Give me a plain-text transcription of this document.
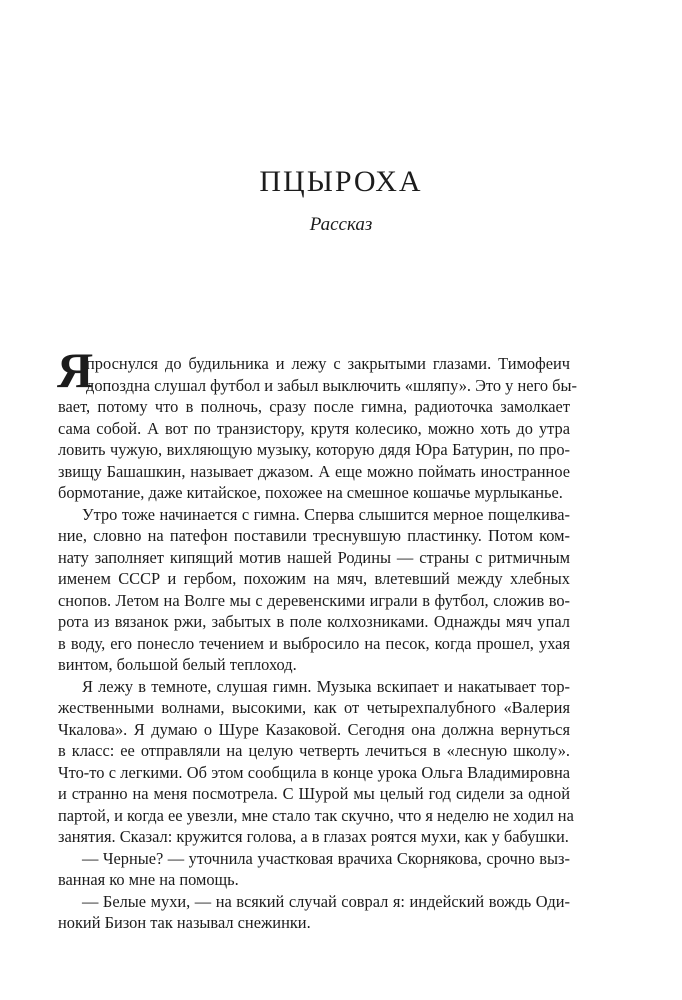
ПЦЫРОХА
Рассказ
Я
проснулся до будильника и лежу с закрытыми глазами. Тимофеич
допоздна слушал футбол и забыл выключить «шляпу». Это у него бы-
вает, потому что в полночь, сразу после гимна, радиоточка замолкает
сама собой. А вот по транзистору, крутя колесико, можно хоть до утра
ловить чужую, вихляющую музыку, которую дядя Юра Батурин, по про-
звищу Башашкин, называет джазом. А еще можно поймать иностранное
бормотание, даже китайское, похожее на смешное кошачье мурлыканье.
Утро тоже начинается с гимна. Сперва слышится мерное пощелкива-
ние, словно на патефон поставили треснувшую пластинку. Потом ком-
нату заполняет кипящий мотив нашей Родины — страны с ритмичным
именем СССР и гербом, похожим на мяч, влетевший между хлебных
снопов. Летом на Волге мы с деревенскими играли в футбол, сложив во-
рота из вязанок ржи, забытых в поле колхозниками. Однажды мяч упал
в воду, его понесло течением и выбросило на песок, когда прошел, ухая
винтом, большой белый теплоход.
Я лежу в темноте, слушая гимн. Музыка вскипает и накатывает тор-
жественными волнами, высокими, как от четырехпалубного «Валерия
Чкалова». Я думаю о Шуре Казаковой. Сегодня она должна вернуться
в класс: ее отправляли на целую четверть лечиться в «лесную школу».
Что-то с легкими. Об этом сообщила в конце урока Ольга Владимировна
и странно на меня посмотрела. С Шурой мы целый год сидели за одной
партой, и когда ее увезли, мне стало так скучно, что я неделю не ходил на
занятия. Сказал: кружится голова, а в глазах роятся мухи, как у бабушки.
— Черные? — уточнила участковая врачиха Скорнякова, срочно выз-
ванная ко мне на помощь.
— Белые мухи, — на всякий случай соврал я: индейский вождь Оди-
нокий Бизон так называл снежинки.
